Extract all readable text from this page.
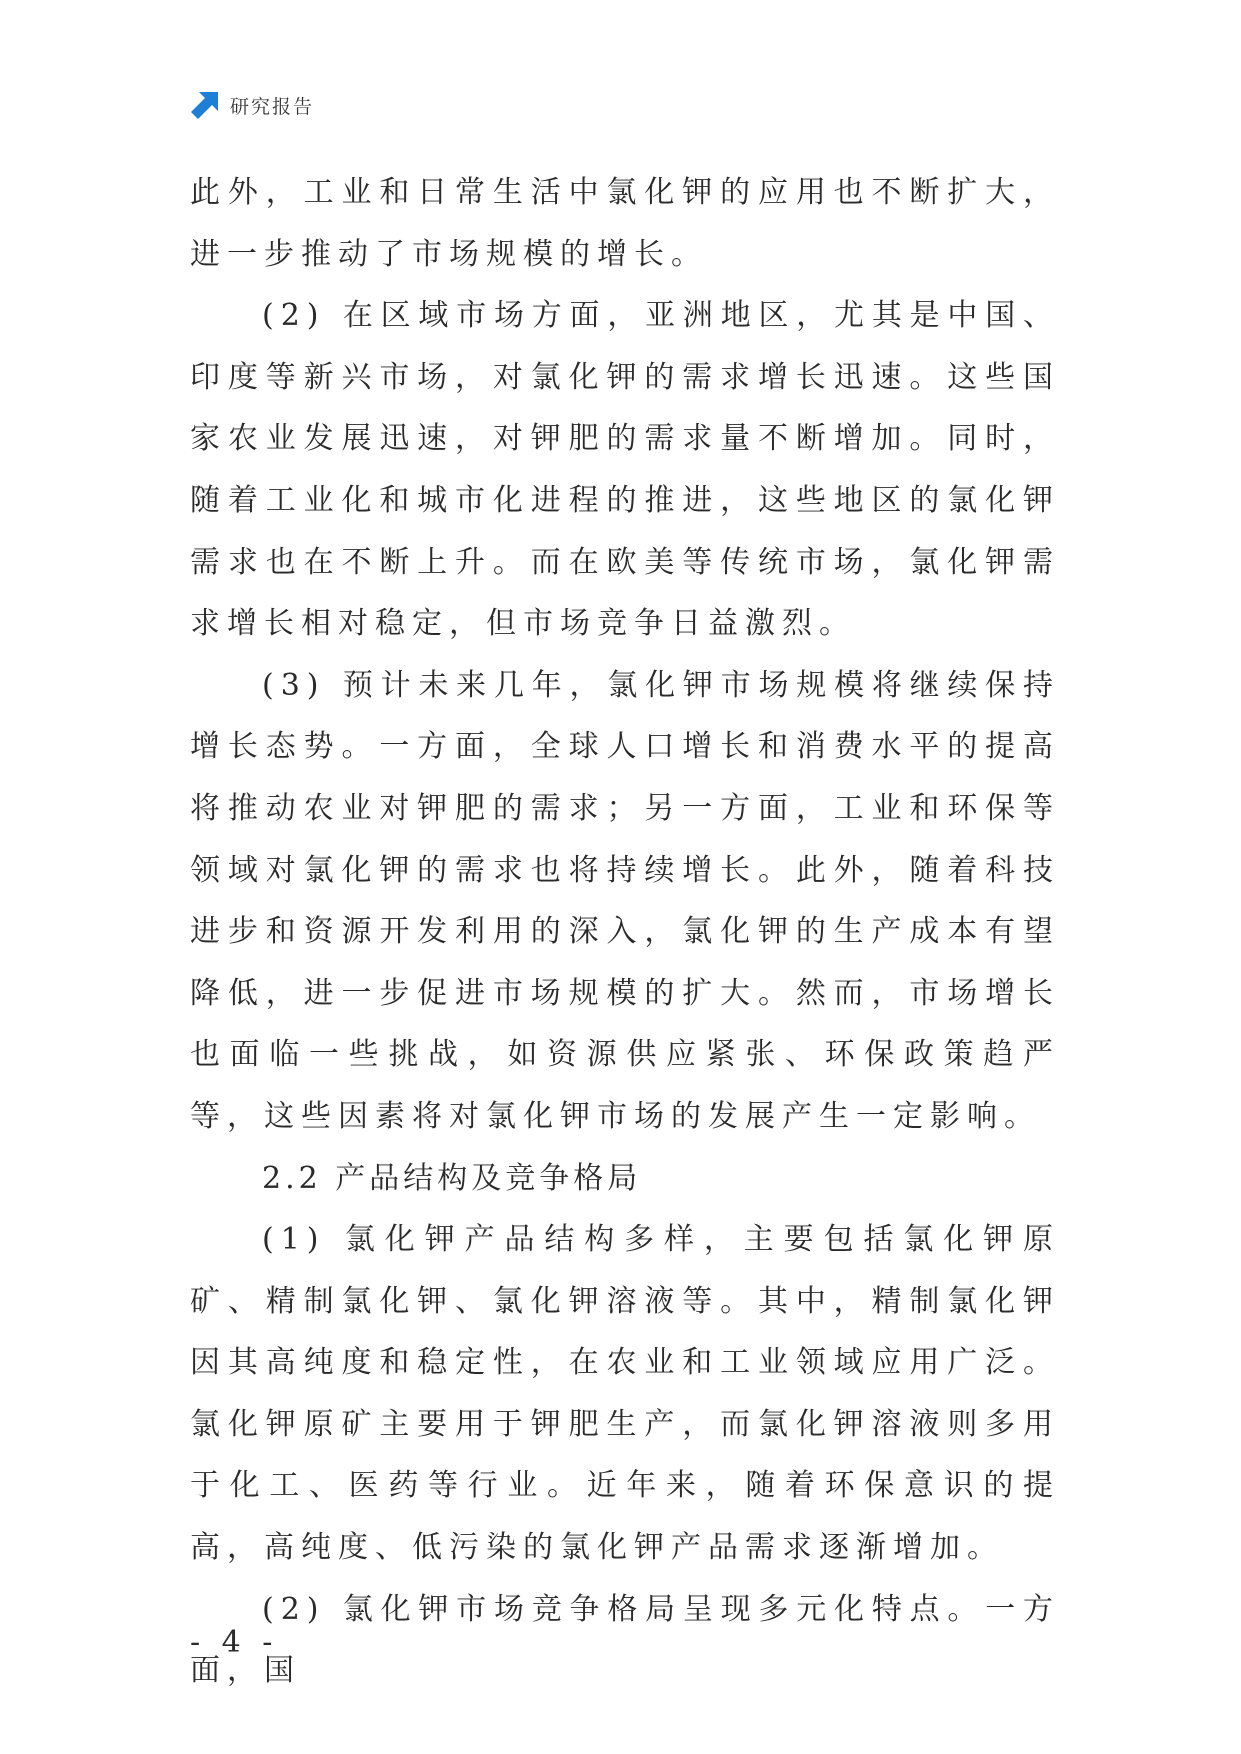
研究报告

此外，工业和日常生活中氯化钾的应用也不断扩大，进一步推动了市场规模的增长。

(2) 在区域市场方面，亚洲地区，尤其是中国、印度等新兴市场，对氯化钾的需求增长迅速。这些国家农业发展迅速，对钾肥的需求量不断增加。同时，随着工业化和城市化进程的推进，这些地区的氯化钾需求也在不断上升。而在欧美等传统市场，氯化钾需求增长相对稳定，但市场竞争日益激烈。

(3) 预计未来几年，氯化钾市场规模将继续保持增长态势。一方面，全球人口增长和消费水平的提高将推动农业对钾肥的需求；另一方面，工业和环保等领域对氯化钾的需求也将持续增长。此外，随着科技进步和资源开发利用的深入，氯化钾的生产成本有望降低，进一步促进市场规模的扩大。然而，市场增长也面临一些挑战，如资源供应紧张、环保政策趋严等，这些因素将对氯化钾市场的发展产生一定影响。

2.2 产品结构及竞争格局

(1) 氯化钾产品结构多样，主要包括氯化钾原矿、精制氯化钾、氯化钾溶液等。其中，精制氯化钾因其高纯度和稳定性，在农业和工业领域应用广泛。氯化钾原矿主要用于钾肥生产，而氯化钾溶液则多用于化工、医药等行业。近年来，随着环保意识的提高，高纯度、低污染的氯化钾产品需求逐渐增加。

(2) 氯化钾市场竞争格局呈现多元化特点。一方面，国

- 4 -
